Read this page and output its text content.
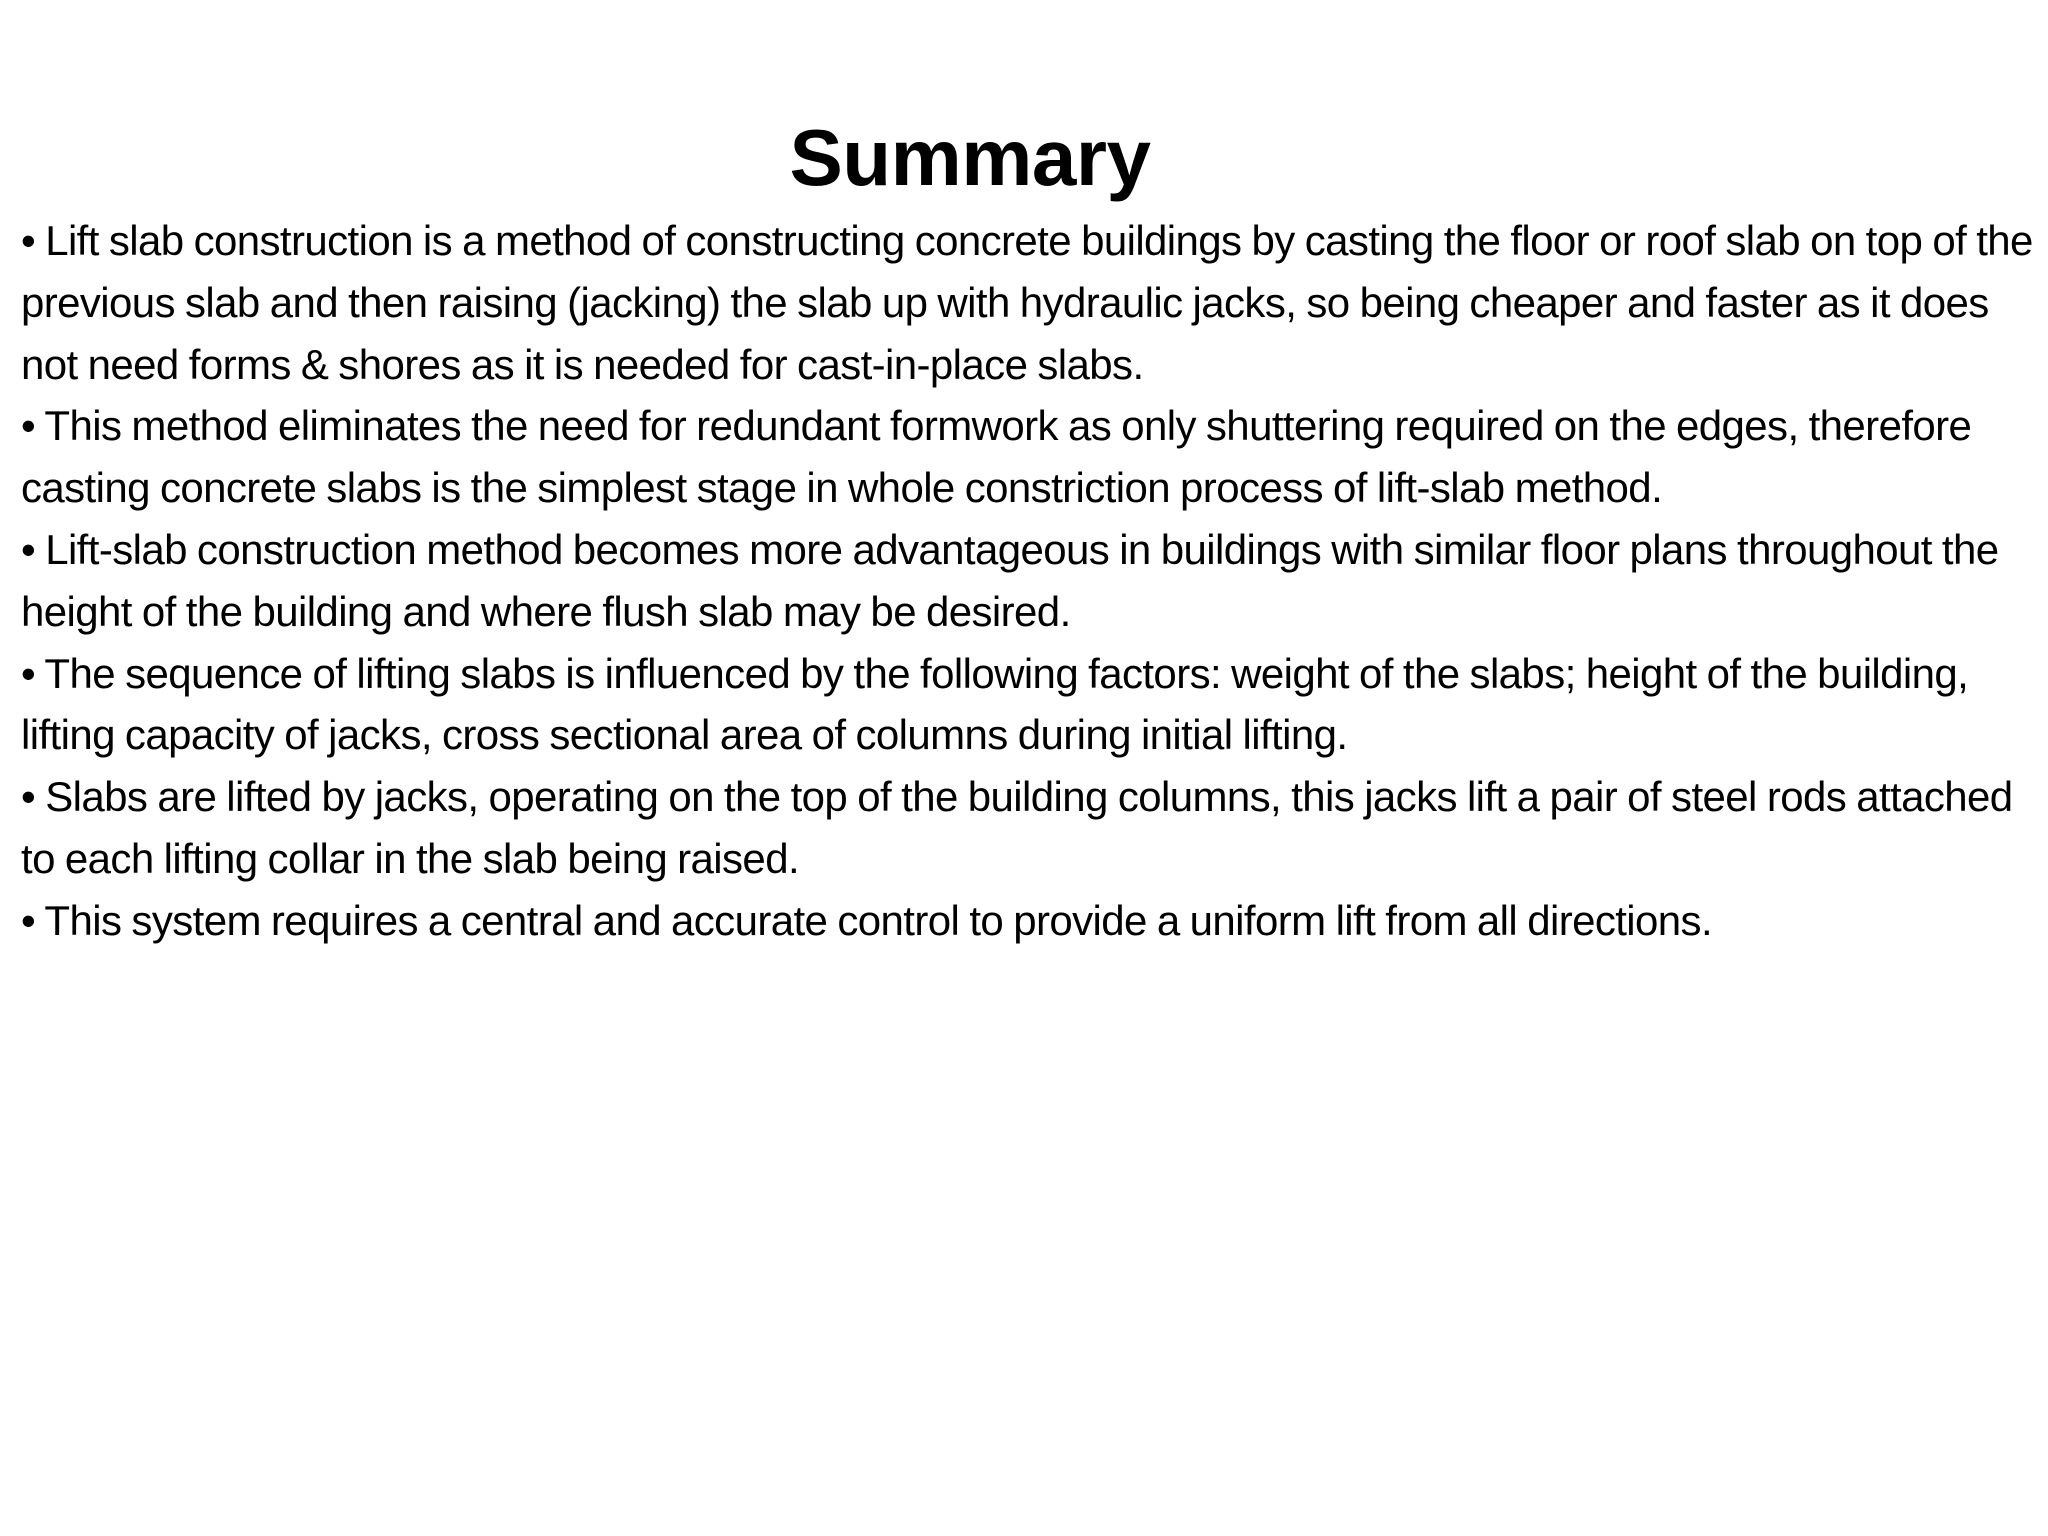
Summary
• Lift slab construction is a method of constructing concrete buildings by casting the floor or roof slab on top of the previous slab and then raising (jacking) the slab up with hydraulic jacks, so being cheaper and faster as it does not need forms & shores as it is needed for cast-in-place slabs.
• This method eliminates the need for redundant formwork as only shuttering required on the edges, therefore casting concrete slabs is the simplest stage in whole constriction process of lift-slab method.
• Lift-slab construction method becomes more advantageous in buildings with similar floor plans throughout the height of the building and where flush slab may be desired.
• The sequence of lifting slabs is influenced by the following factors: weight of the slabs; height of the building, lifting capacity of jacks, cross sectional area of columns during initial lifting.
• Slabs are lifted by jacks, operating on the top of the building columns, this jacks lift a pair of steel rods attached to each lifting collar in the slab being raised.
• This system requires a central and accurate control to provide a uniform lift from all directions.
